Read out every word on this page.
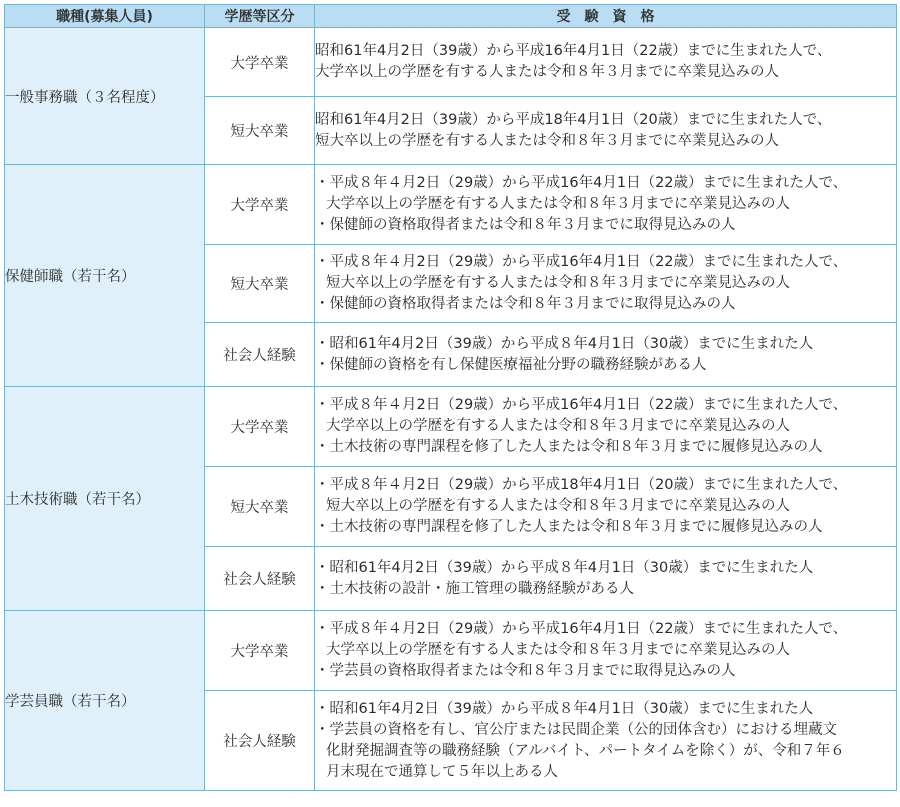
職種(募集人員)	学歴等区分	受　験　資　格
一般事務職（３名程度）	大学卒業	昭和61年4月2日（39歳）から平成16年4月1日（22歳）までに生まれた人で、
大学卒以上の学歴を有する人または令和８年３月までに卒業見込みの人

	短大卒業	昭和61年4月2日（39歳）から平成18年4月1日（20歳）までに生まれた人で、
短大卒以上の学歴を有する人または令和８年３月までに卒業見込みの人

保健師職（若干名）	大学卒業	・平成８年４月2日（29歳）から平成16年4月1日（22歳）までに生まれた人で、
大学卒以上の学歴を有する人または令和８年３月までに卒業見込みの人
・保健師の資格取得者または令和８年３月までに取得見込みの人

	短大卒業	・平成８年４月2日（29歳）から平成16年4月1日（22歳）までに生まれた人で、
短大卒以上の学歴を有する人または令和８年３月までに卒業見込みの人
・保健師の資格取得者または令和８年３月までに取得見込みの人

	社会人経験	・昭和61年4月2日（39歳）から平成８年4月1日（30歳）までに生まれた人
・保健師の資格を有し保健医療福祉分野の職務経験がある人

土木技術職（若干名）	大学卒業	・平成８年４月2日（29歳）から平成16年4月1日（22歳）までに生まれた人で、
大学卒以上の学歴を有する人または令和８年３月までに卒業見込みの人
・土木技術の専門課程を修了した人または令和８年３月までに履修見込みの人

	短大卒業	・平成８年４月2日（29歳）から平成18年4月1日（20歳）までに生まれた人で、
短大卒以上の学歴を有する人または令和８年３月までに卒業見込みの人
・土木技術の専門課程を修了した人または令和８年３月までに履修見込みの人

	社会人経験	・昭和61年4月2日（39歳）から平成８年4月1日（30歳）までに生まれた人
・土木技術の設計・施工管理の職務経験がある人

学芸員職（若干名）	大学卒業	・平成８年４月2日（29歳）から平成16年4月1日（22歳）までに生まれた人で、
大学卒以上の学歴を有する人または令和８年３月までに卒業見込みの人
・学芸員の資格取得者または令和８年３月までに取得見込みの人

	社会人経験	・昭和61年4月2日（39歳）から平成８年4月1日（30歳）までに生まれた人
・学芸員の資格を有し、官公庁または民間企業（公的団体含む）における埋蔵文
化財発掘調査等の職務経験（アルバイト、パートタイムを除く）が、令和７年６
月末現在で通算して５年以上ある人
